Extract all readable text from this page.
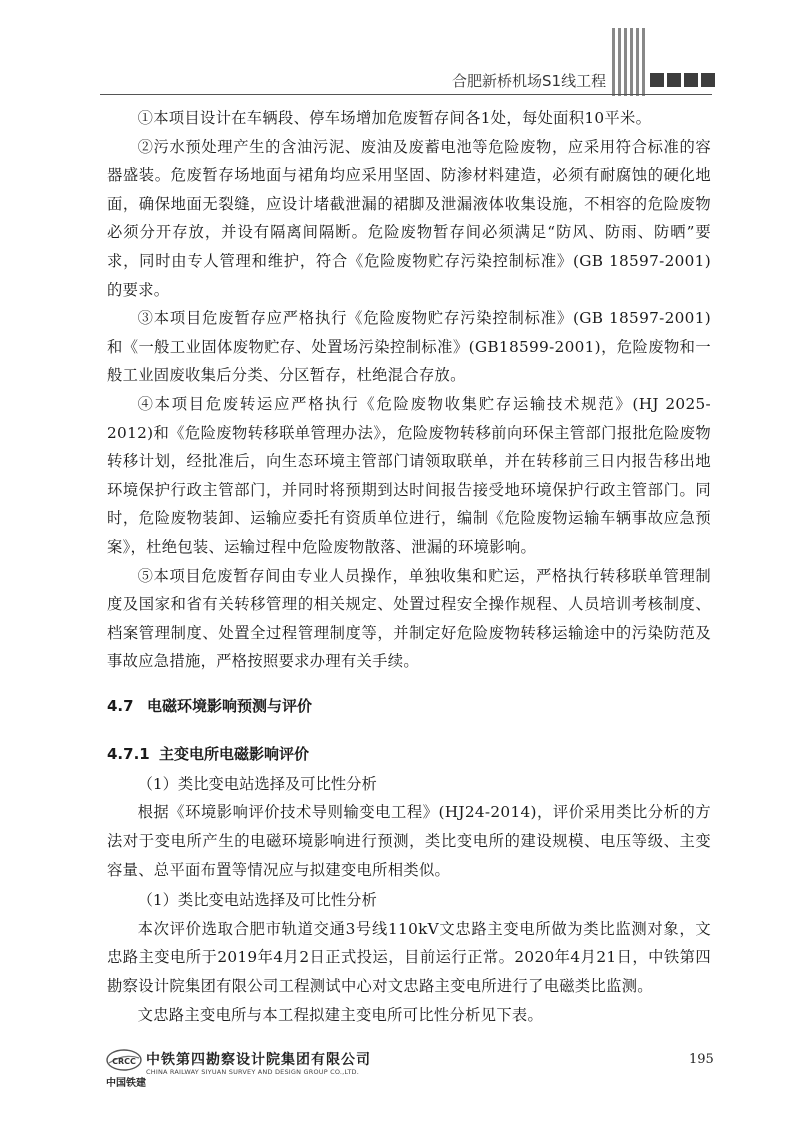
合肥新桥机场S1线工程

①本项目设计在车辆段、停车场增加危废暂存间各1处，每处面积10平米。

②污水预处理产生的含油污泥、废油及废蓄电池等危险废物，应采用符合标准的容器盛装。危废暂存场地面与裙角均应采用坚固、防渗材料建造，必须有耐腐蚀的硬化地面，确保地面无裂缝，应设计堵截泄漏的裙脚及泄漏液体收集设施，不相容的危险废物必须分开存放，并设有隔离间隔断。危险废物暂存间必须满足“防风、防雨、防晒”要求，同时由专人管理和维护，符合《危险废物贮存污染控制标准》(GB 18597-2001)的要求。

③本项目危废暂存应严格执行《危险废物贮存污染控制标准》(GB 18597-2001)和《一般工业固体废物贮存、处置场污染控制标准》(GB18599-2001)，危险废物和一般工业固废收集后分类、分区暂存，杜绝混合存放。

④本项目危废转运应严格执行《危险废物收集贮存运输技术规范》(HJ 2025-2012)和《危险废物转移联单管理办法》，危险废物转移前向环保主管部门报批危险废物转移计划，经批准后，向生态环境主管部门请领取联单，并在转移前三日内报告移出地环境保护行政主管部门，并同时将预期到达时间报告接受地环境保护行政主管部门。同时，危险废物装卸、运输应委托有资质单位进行，编制《危险废物运输车辆事故应急预案》，杜绝包装、运输过程中危险废物散落、泄漏的环境影响。

⑤本项目危废暂存间由专业人员操作，单独收集和贮运，严格执行转移联单管理制度及国家和省有关转移管理的相关规定、处置过程安全操作规程、人员培训考核制度、档案管理制度、处置全过程管理制度等，并制定好危险废物转移运输途中的污染防范及事故应急措施，严格按照要求办理有关手续。

4.7 电磁环境影响预测与评价
4.7.1 主变电所电磁影响评价

（1）类比变电站选择及可比性分析

根据《环境影响评价技术导则输变电工程》(HJ24-2014)，评价采用类比分析的方法对于变电所产生的电磁环境影响进行预测，类比变电所的建设规模、电压等级、主变容量、总平面布置等情况应与拟建变电所相类似。

（1）类比变电站选择及可比性分析

本次评价选取合肥市轨道交通3号线110kV文忠路主变电所做为类比监测对象，文忠路主变电所于2019年4月2日正式投运，目前运行正常。2020年4月21日，中铁第四勘察设计院集团有限公司工程测试中心对文忠路主变电所进行了电磁类比监测。

文忠路主变电所与本工程拟建主变电所可比性分析见下表。

CRCC
中国铁建
中铁第四勘察设计院集团有限公司
CHINA RAILWAY SIYUAN SURVEY AND DESIGN GROUP CO.,LTD.
195
